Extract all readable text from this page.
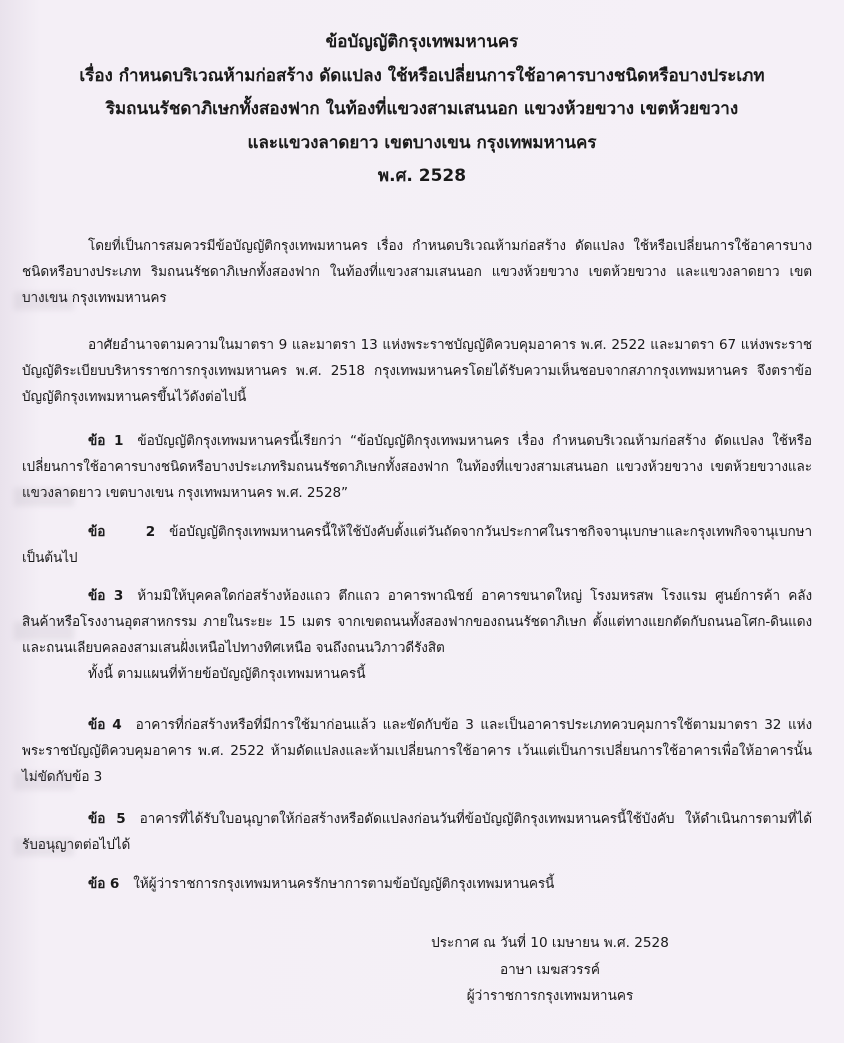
ข้อบัญญัติกรุงเทพมหานคร
เรื่อง กำหนดบริเวณห้ามก่อสร้าง ดัดแปลง ใช้หรือเปลี่ยนการใช้อาคารบางชนิดหรือบางประเภท
ริมถนนรัชดาภิเษกทั้งสองฟาก ในท้องที่แขวงสามเสนนอก แขวงห้วยขวาง เขตห้วยขวาง
และแขวงลาดยาว เขตบางเขน กรุงเทพมหานคร
พ.ศ. 2528
โดยที่เป็นการสมควรมีข้อบัญญัติกรุงเทพมหานคร เรื่อง กำหนดบริเวณห้ามก่อสร้าง ดัดแปลง ใช้หรือเปลี่ยนการใช้อาคารบางชนิดหรือบางประเภท ริมถนนรัชดาภิเษกทั้งสองฟาก ในท้องที่แขวงสามเสนนอก แขวงห้วยขวาง เขตห้วยขวาง และแขวงลาดยาว เขตบางเขน กรุงเทพมหานคร
อาศัยอำนาจตามความในมาตรา 9 และมาตรา 13 แห่งพระราชบัญญัติควบคุมอาคาร พ.ศ. 2522 และมาตรา 67 แห่งพระราชบัญญัติระเบียบบริหารราชการกรุงเทพมหานคร พ.ศ. 2518 กรุงเทพมหานครโดยได้รับความเห็นชอบจากสภากรุงเทพมหานคร จึงตราข้อบัญญัติกรุงเทพมหานครขึ้นไว้ดังต่อไปนี้
ข้อ 1 ข้อบัญญัติกรุงเทพมหานครนี้เรียกว่า “ข้อบัญญัติกรุงเทพมหานคร เรื่อง กำหนดบริเวณห้ามก่อสร้าง ดัดแปลง ใช้หรือเปลี่ยนการใช้อาคารบางชนิดหรือบางประเภทริมถนนรัชดาภิเษกทั้งสองฟาก ในท้องที่แขวงสามเสนนอก แขวงห้วยขวาง เขตห้วยขวางและแขวงลาดยาว เขตบางเขน กรุงเทพมหานคร พ.ศ. 2528”
ข้อ 2 ข้อบัญญัติกรุงเทพมหานครนี้ให้ใช้บังคับตั้งแต่วันถัดจากวันประกาศในราชกิจจานุเบกษาและกรุงเทพกิจจานุเบกษาเป็นต้นไป
ข้อ 3 ห้ามมิให้บุคคลใดก่อสร้างห้องแถว ตึกแถว อาคารพาณิชย์ อาคารขนาดใหญ่ โรงมหรสพ โรงแรม ศูนย์การค้า คลังสินค้าหรือโรงงานอุตสาหกรรม ภายในระยะ 15 เมตร จากเขตถนนทั้งสองฟากของถนนรัชดาภิเษก ตั้งแต่ทางแยกตัดกับถนนอโศก-ดินแดง และถนนเลียบคลองสามเสนฝั่งเหนือไปทางทิศเหนือ จนถึงถนนวิภาวดีรังสิต
ทั้งนี้ ตามแผนที่ท้ายข้อบัญญัติกรุงเทพมหานครนี้
ข้อ 4 อาคารที่ก่อสร้างหรือที่มีการใช้มาก่อนแล้ว และขัดกับข้อ 3 และเป็นอาคารประเภทควบคุมการใช้ตามมาตรา 32 แห่งพระราชบัญญัติควบคุมอาคาร พ.ศ. 2522 ห้ามดัดแปลงและห้ามเปลี่ยนการใช้อาคาร เว้นแต่เป็นการเปลี่ยนการใช้อาคารเพื่อให้อาคารนั้นไม่ขัดกับข้อ 3
ข้อ 5 อาคารที่ได้รับใบอนุญาตให้ก่อสร้างหรือดัดแปลงก่อนวันที่ข้อบัญญัติกรุงเทพมหานครนี้ใช้บังคับ ให้ดำเนินการตามที่ได้รับอนุญาตต่อไปได้
ข้อ 6 ให้ผู้ว่าราชการกรุงเทพมหานครรักษาการตามข้อบัญญัติกรุงเทพมหานครนี้
ประกาศ ณ วันที่ 10 เมษายน พ.ศ. 2528
อาษา เมฆสวรรค์
ผู้ว่าราชการกรุงเทพมหานคร
